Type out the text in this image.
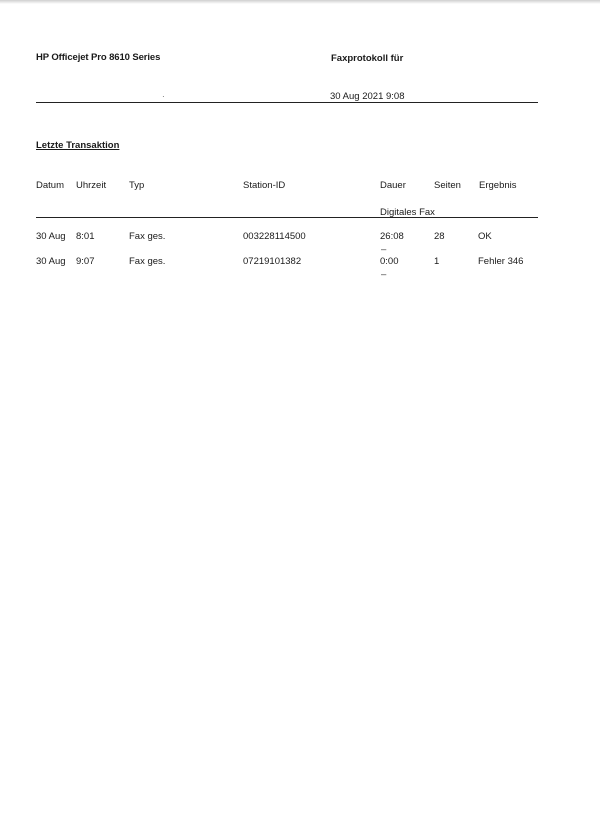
HP Officejet Pro 8610 Series	Faxprotokoll für
·	30 Aug 2021 9:08
Letzte Transaktion
Datum Uhrzeit Typ	Station-ID	Dauer	Seiten Ergebnis
Digitales Fax
30 Aug 8:01	Fax ges.	003228114500	26:08	28	OK
–
30 Aug 9:07	Fax ges.	07219101382	0:00	1	Fehler 346
–
